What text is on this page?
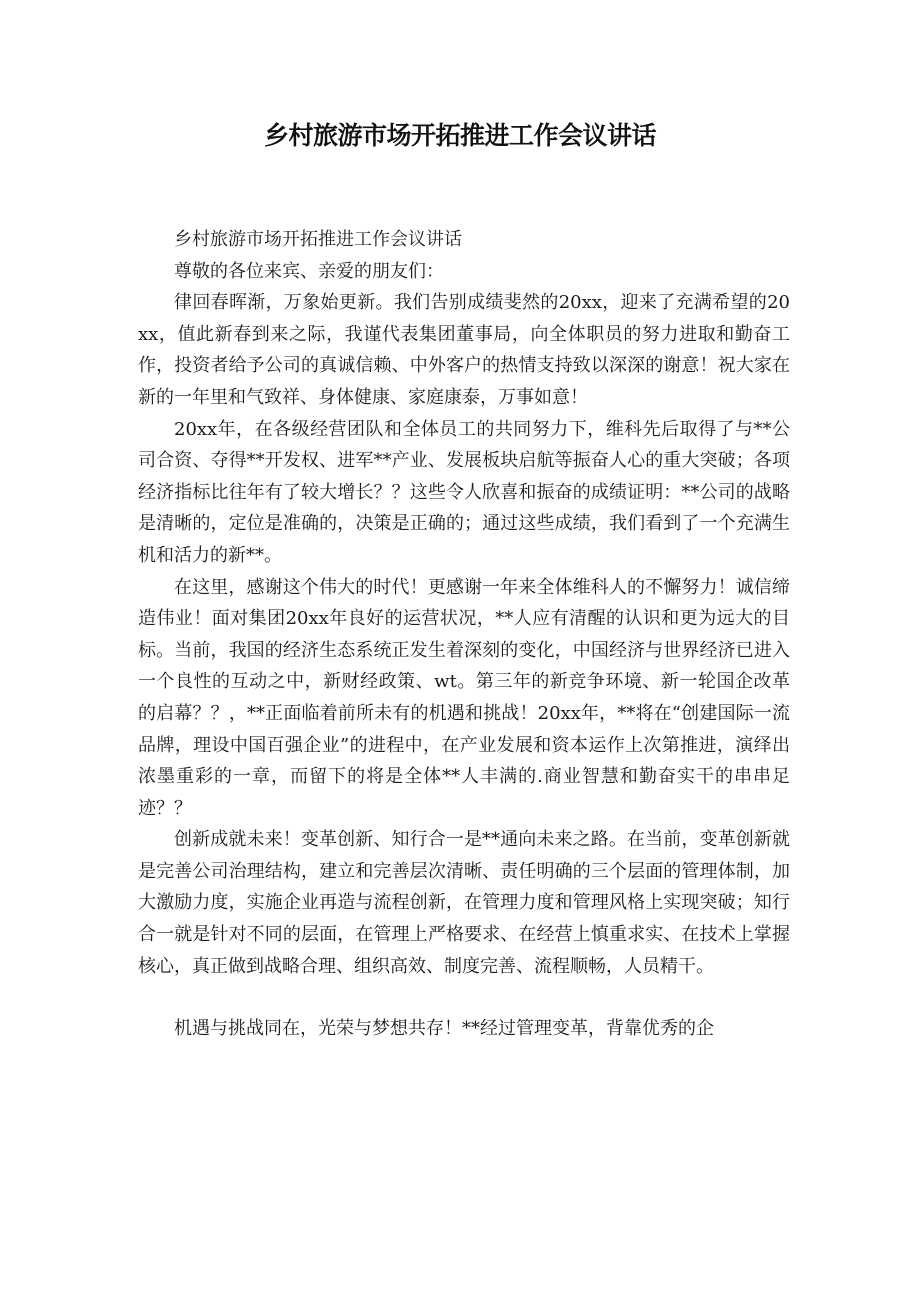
乡村旅游市场开拓推进工作会议讲话

乡村旅游市场开拓推进工作会议讲话

尊敬的各位来宾、亲爱的朋友们：

律回春晖渐，万象始更新。我们告别成绩斐然的20xx，迎来了充满希望的20xx，值此新春到来之际，我谨代表集团董事局，向全体职员的努力进取和勤奋工作，投资者给予公司的真诚信赖、中外客户的热情支持致以深深的谢意！祝大家在新的一年里和气致祥、身体健康、家庭康泰，万事如意！

20xx年，在各级经营团队和全体员工的共同努力下，维科先后取得了与**公司合资、夺得**开发权、进军**产业、发展板块启航等振奋人心的重大突破；各项经济指标比往年有了较大增长？？这些令人欣喜和振奋的成绩证明：**公司的战略是清晰的，定位是准确的，决策是正确的；通过这些成绩，我们看到了一个充满生机和活力的新**。

在这里，感谢这个伟大的时代！更感谢一年来全体维科人的不懈努力！诚信缔造伟业！面对集团20xx年良好的运营状况，**人应有清醒的认识和更为远大的目标。当前，我国的经济生态系统正发生着深刻的变化，中国经济与世界经济已进入一个良性的互动之中，新财经政策、wt。第三年的新竞争环境、新一轮国企改革的启幕？？，**正面临着前所未有的机遇和挑战！20xx年，**将在“创建国际一流品牌，理设中国百强企业”的进程中，在产业发展和资本运作上次第推进，演绎出浓墨重彩的一章，而留下的将是全体**人丰满的.商业智慧和勤奋实干的串串足迹？？

创新成就未来！变革创新、知行合一是**通向未来之路。在当前，变革创新就是完善公司治理结构，建立和完善层次清晰、责任明确的三个层面的管理体制，加大激励力度，实施企业再造与流程创新，在管理力度和管理风格上实现突破；知行合一就是针对不同的层面，在管理上严格要求、在经营上慎重求实、在技术上掌握核心，真正做到战略合理、组织高效、制度完善、流程顺畅，人员精干。

机遇与挑战同在，光荣与梦想共存！**经过管理变革，背靠优秀的企
